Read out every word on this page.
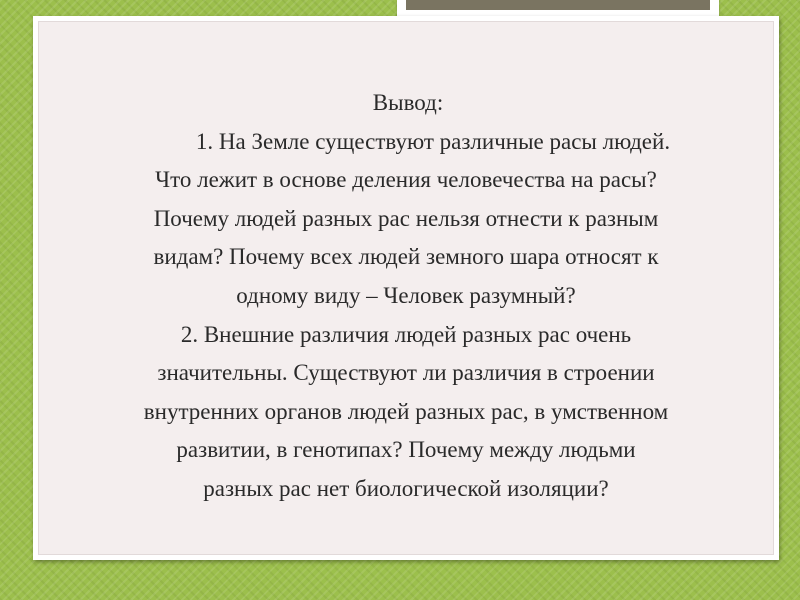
Вывод:
1. На Земле существуют различные расы людей.
Что лежит в основе деления человечества на расы?
Почему людей разных рас нельзя отнести к разным
видам? Почему всех людей земного шара относят к
одному виду – Человек разумный?
2. Внешние различия людей разных рас очень
значительны. Существуют ли различия в строении
внутренних органов людей разных рас, в умственном
развитии, в генотипах? Почему между людьми
разных рас нет биологической изоляции?
